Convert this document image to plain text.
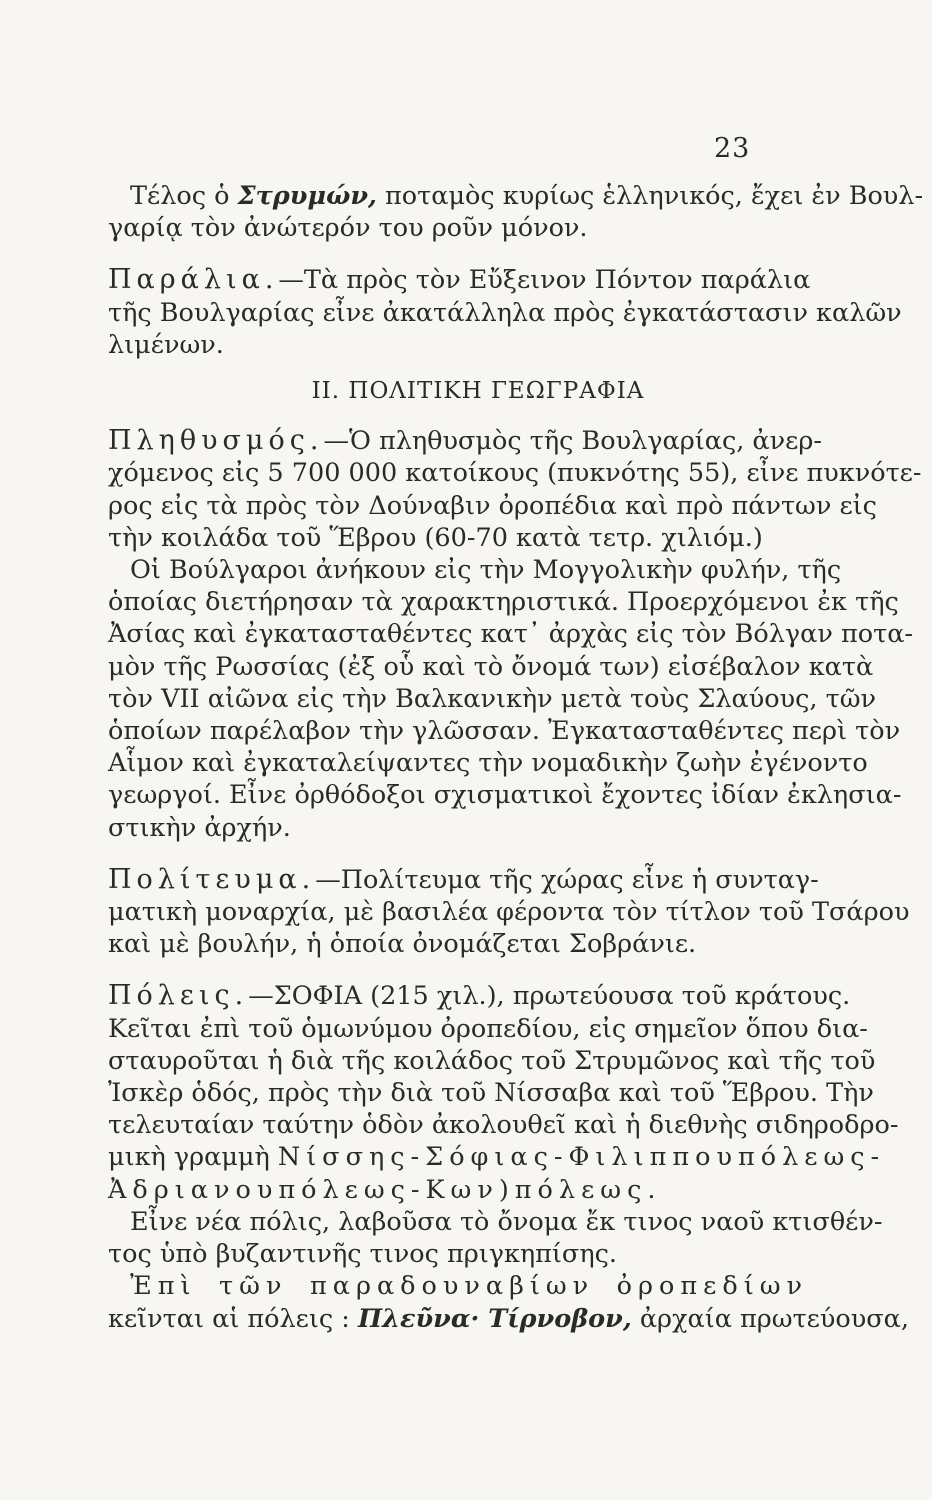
23
Τέλος ὁ Στρυμών, ποταμὸς κυρίως ἑλληνικός, ἔχει ἐν Βουλ-
γαρίᾳ τὸν ἀνώτερόν του ροῦν μόνον.
Παράλια.—Τὰ πρὸς τὸν Εὔξεινον Πόντον παράλια
τῆς Βουλγαρίας εἶνε ἀκατάλληλα πρὸς ἐγκατάστασιν καλῶν
λιμένων.
II. ΠΟΛΙΤΙΚΗ ΓΕΩΓΡΑΦΙΑ
Πληθυσμός.—Ὁ πληθυσμὸς τῆς Βουλγαρίας, ἀνερ-
χόμενος εἰς 5 700 000 κατοίκους (πυκνότης 55), εἶνε πυκνότε-
ρος εἰς τὰ πρὸς τὸν Δούναβιν ὀροπέδια καὶ πρὸ πάντων εἰς
τὴν κοιλάδα τοῦ Ἕβρου (60-70 κατὰ τετρ. χιλιόμ.)
Οἱ Βούλγαροι ἀνήκουν εἰς τὴν Μογγολικὴν φυλήν, τῆς
ὁποίας διετήρησαν τὰ χαρακτηριστικά. Προερχόμενοι ἐκ τῆς
Ἀσίας καὶ ἐγκατασταθέντες κατ᾽ ἀρχὰς εἰς τὸν Βόλγαν ποτα-
μὸν τῆς Ρωσσίας (ἐξ οὗ καὶ τὸ ὄνομά των) εἰσέβαλον κατὰ
τὸν VII αἰῶνα εἰς τὴν Βαλκανικὴν μετὰ τοὺς Σλαύους, τῶν
ὁποίων παρέλαβον τὴν γλῶσσαν. Ἐγκατασταθέντες περὶ τὸν
Αἷμον καὶ ἐγκαταλείψαντες τὴν νομαδικὴν ζωὴν ἐγένοντο
γεωργοί. Εἶνε ὀρθόδοξοι σχισματικοὶ ἔχοντες ἰδίαν ἐκλησια-
στικὴν ἀρχήν.
Πολίτευμα.—Πολίτευμα τῆς χώρας εἶνε ἡ συνταγ-
ματικὴ μοναρχία, μὲ βασιλέα φέροντα τὸν τίτλον τοῦ Τσάρου
καὶ μὲ βουλήν, ἡ ὁποία ὀνομάζεται Σοβράνιε.
Πόλεις.—ΣΟΦΙΑ (215 χιλ.), πρωτεύουσα τοῦ κράτους.
Κεῖται ἐπὶ τοῦ ὁμωνύμου ὀροπεδίου, εἰς σημεῖον ὅπου δια-
σταυροῦται ἡ διὰ τῆς κοιλάδος τοῦ Στρυμῶνος καὶ τῆς τοῦ
Ἰσκὲρ ὁδός, πρὸς τὴν διὰ τοῦ Νίσσαβα καὶ τοῦ Ἕβρου. Τὴν
τελευταίαν ταύτην ὁδὸν ἀκολουθεῖ καὶ ἡ διεθνὴς σιδηροδρο-
μικὴ γραμμὴ Νίσσης-Σόφιας-Φιλιππουπόλεως-
Ἀδριανουπόλεως-Κων)πόλεως.
Εἶνε νέα πόλις, λαβοῦσα τὸ ὄνομα ἔκ τινος ναοῦ κτισθέν-
τος ὑπὸ βυζαντινῆς τινος πριγκηπίσης.
Ἐπὶ τῶν παραδουναβίων ὀροπεδίων
κεῖνται αἱ πόλεις : Πλεῦνα· Τίρνοβον, ἀρχαία πρωτεύουσα,
